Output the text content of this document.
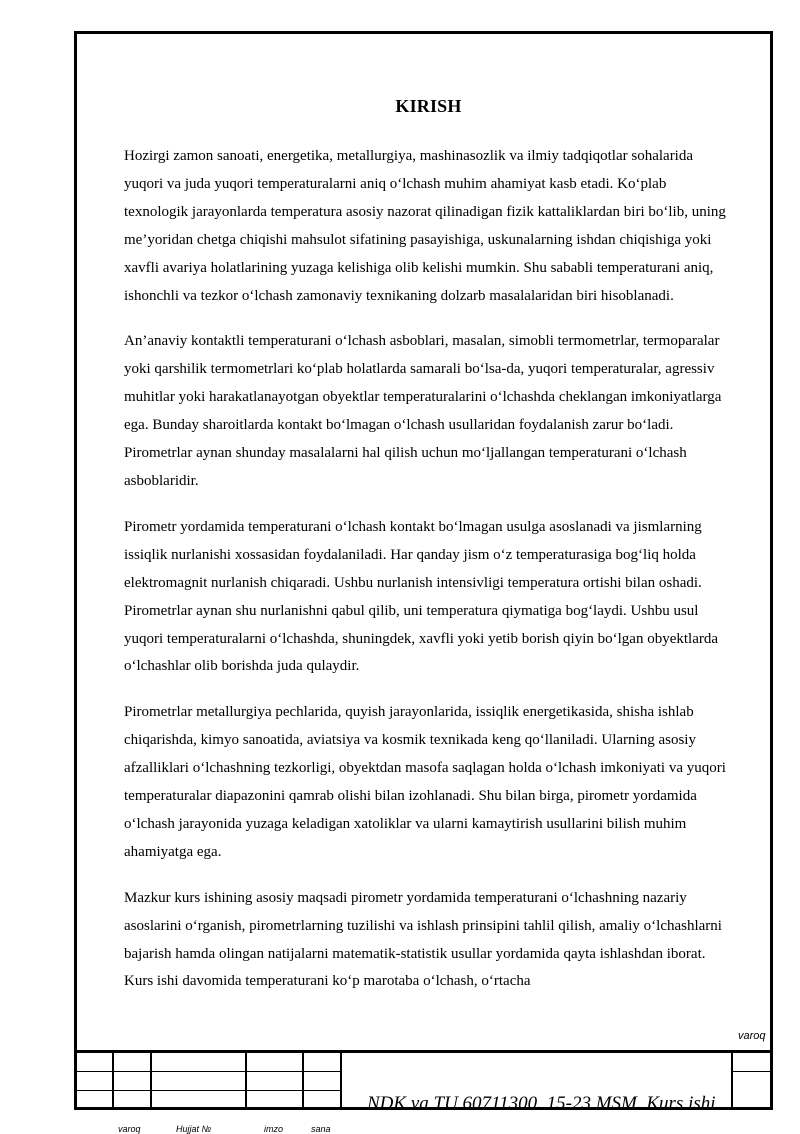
KIRISH

Hozirgi zamon sanoati, energetika, metallurgiya, mashinasozlik va ilmiy tadqiqotlar sohalarida yuqori va juda yuqori temperaturalarni aniq o‘lchash muhim ahamiyat kasb etadi. Ko‘plab texnologik jarayonlarda temperatura asosiy nazorat qilinadigan fizik kattaliklardan biri bo‘lib, uning me’yoridan chetga chiqishi mahsulot sifatining pasayishiga, uskunalarning ishdan chiqishiga yoki xavfli avariya holatlarining yuzaga kelishiga olib kelishi mumkin. Shu sababli temperaturani aniq, ishonchli va tezkor o‘lchash zamonaviy texnikaning dolzarb masalalaridan biri hisoblanadi.

An’anaviy kontaktli temperaturani o‘lchash asboblari, masalan, simobli termometrlar, termoparalar yoki qarshilik termometrlari ko‘plab holatlarda samarali bo‘lsa-da, yuqori temperaturalar, agressiv muhitlar yoki harakatlanayotgan obyektlar temperaturalarini o‘lchashda cheklangan imkoniyatlarga ega. Bunday sharoitlarda kontakt bo‘lmagan o‘lchash usullaridan foydalanish zarur bo‘ladi. Pirometrlar aynan shunday masalalarni hal qilish uchun mo‘ljallangan temperaturani o‘lchash asboblaridir.

Pirometr yordamida temperaturani o‘lchash kontakt bo‘lmagan usulga asoslanadi va jismlarning issiqlik nurlanishi xossasidan foydalaniladi. Har qanday jism o‘z temperaturasiga bog‘liq holda elektromagnit nurlanish chiqaradi. Ushbu nurlanish intensivligi temperatura ortishi bilan oshadi. Pirometrlar aynan shu nurlanishni qabul qilib, uni temperatura qiymatiga bog‘laydi. Ushbu usul yuqori temperaturalarni o‘lchashda, shuningdek, xavfli yoki yetib borish qiyin bo‘lgan obyektlarda o‘lchashlar olib borishda juda qulaydir.

Pirometrlar metallurgiya pechlarida, quyish jarayonlarida, issiqlik energetikasida, shisha ishlab chiqarishda, kimyo sanoatida, aviatsiya va kosmik texnikada keng qo‘llaniladi. Ularning asosiy afzalliklari o‘lchashning tezkorligi, obyektdan masofa saqlagan holda o‘lchash imkoniyati va yuqori temperaturalar diapazonini qamrab olishi bilan izohlanadi. Shu bilan birga, pirometr yordamida o‘lchash jarayonida yuzaga keladigan xatoliklar va ularni kamaytirish usullarini bilish muhim ahamiyatga ega.

Mazkur kurs ishining asosiy maqsadi pirometr yordamida temperaturani o‘lchashning nazariy asoslarini o‘rganish, pirometrlarning tuzilishi va ishlash prinsipini tahlil qilish, amaliy o‘lchashlarni bajarish hamda olingan natijalarni matematik-statistik usullar yordamida qayta ishlashdan iborat. Kurs ishi davomida temperaturani ko‘p marotaba o‘lchash, o‘rtacha

varoq
NDK va TU 60711300. 15-23 MSM. Kurs ishi
varoq	Hujjat №	imzo	sana
